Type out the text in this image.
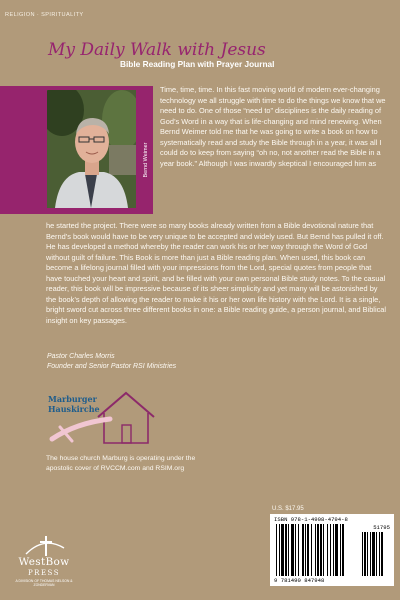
RELIGION · SPIRITUALITY
My Daily Walk with Jesus
Bible Reading Plan with Prayer Journal
Bernd Weimer

Time, time, time. In this fast moving world of modern ever-changing technology we all struggle with time to do the things we know that we need to do. One of those “need to” disciplines is the daily reading of God’s Word in a way that is life-changing and mind renewing. When Bernd Weimer told me that he was going to write a book on how to systematically read and study the Bible through in a year, it was all I could do to keep from saying “oh no, not another read the Bible in a year book.” Although I was inwardly skeptical I encouraged him as

he started the project. There were so many books already written from a Bible devotional nature that Bernd’s book would have to be very unique to be accepted and widely used. But Bernd has pulled it off. He has developed a method whereby the reader can work his or her way through the Word of God without guilt of failure. This Book is more than just a Bible reading plan. When used, this book can become a lifelong journal filled with your impressions from the Lord, special quotes from people that have touched your heart and spirit, and be filled with your own personal Bible study notes. To the casual reader, this book will be impressive because of its sheer simplicity and yet many will be astonished by the book’s depth of allowing the reader to make it his or her own life history with the Lord. It is a single, bright sword cut across three different books in one: a Bible reading guide, a person journal, and Biblical insight on key passages.

Pastor Charles Morris
Founder and Senior Pastor RSI Ministries
Marburger
Hauskirche
The house church Marburg is operating under the apostolic cover of RVCCM.com and RSIM.org
U.S. $17.95
ISBN 978-1-4908-4794-8
51795
9 781490 847948
WestBow
PRESS
A DIVISION OF THOMAS NELSON & ZONDERVAN
